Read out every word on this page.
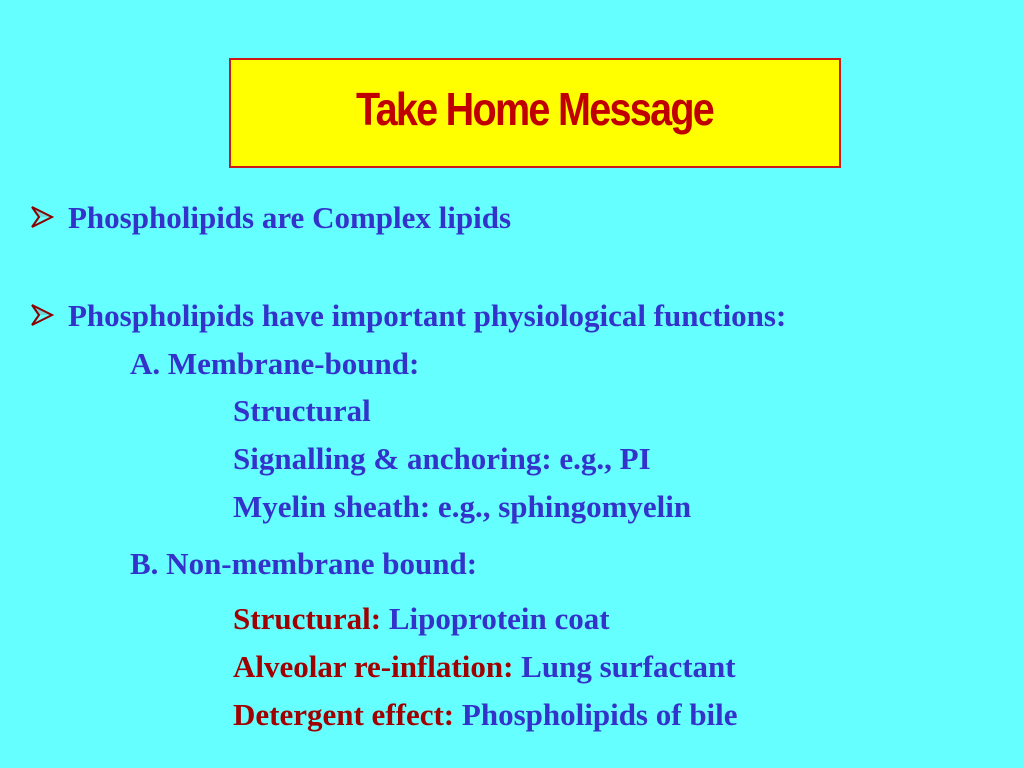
Take Home Message
Phospholipids are Complex lipids
Phospholipids have important physiological functions:
A. Membrane-bound:
Structural
Signalling & anchoring: e.g., PI
Myelin sheath: e.g., sphingomyelin
B. Non-membrane bound:
Structural: Lipoprotein coat
Alveolar re-inflation: Lung surfactant
Detergent effect: Phospholipids of bile
